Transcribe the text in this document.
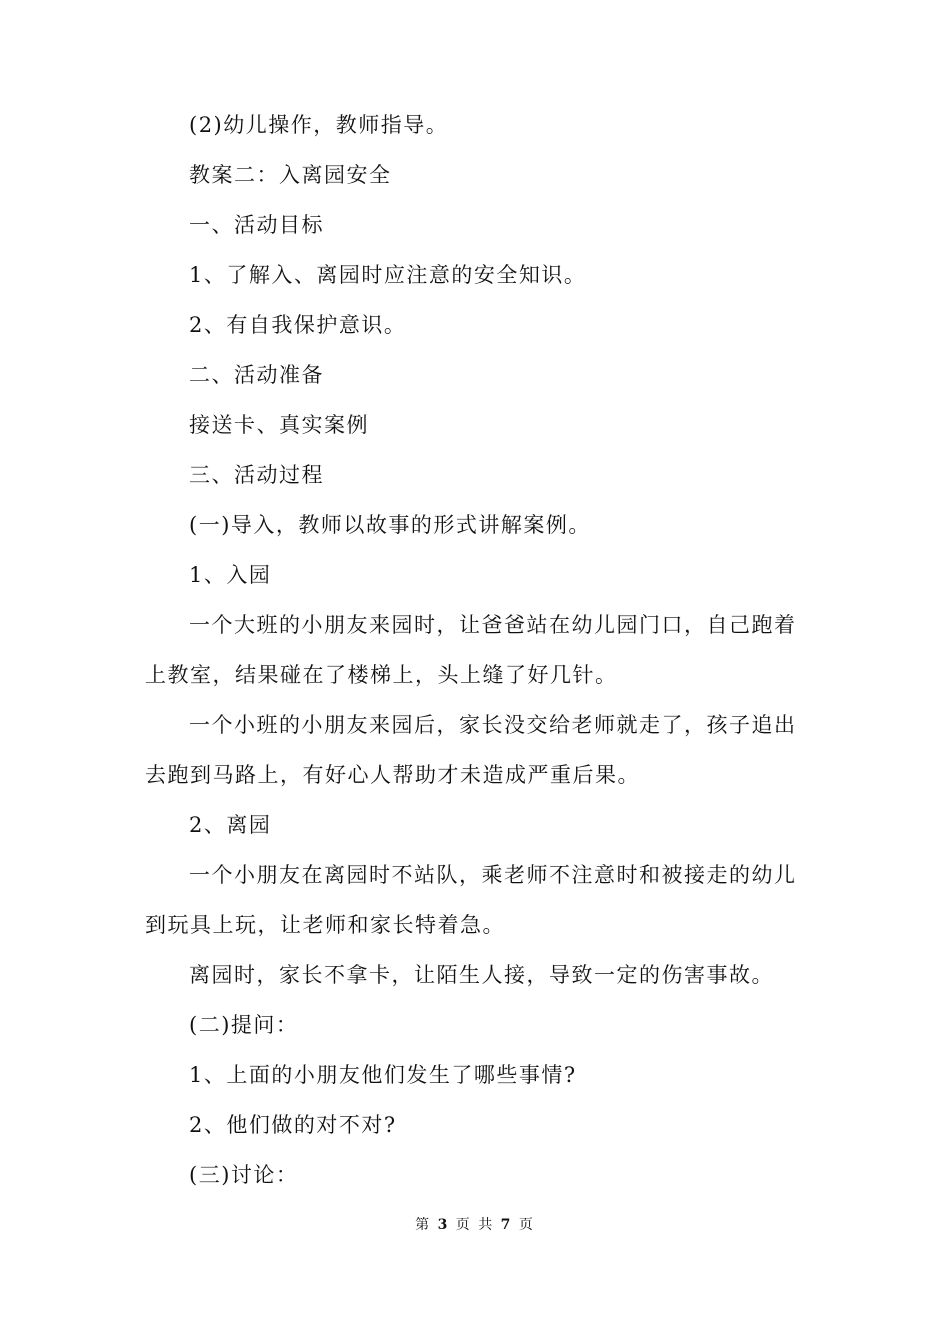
(2)幼儿操作，教师指导。

教案二：入离园安全

一、活动目标

1、了解入、离园时应注意的安全知识。

2、有自我保护意识。

二、活动准备

接送卡、真实案例

三、活动过程

(一)导入，教师以故事的形式讲解案例。

1、入园

一个大班的小朋友来园时，让爸爸站在幼儿园门口，自己跑着上教室，结果碰在了楼梯上，头上缝了好几针。

一个小班的小朋友来园后，家长没交给老师就走了，孩子追出去跑到马路上，有好心人帮助才未造成严重后果。

2、离园

一个小朋友在离园时不站队，乘老师不注意时和被接走的幼儿到玩具上玩，让老师和家长特着急。

离园时，家长不拿卡，让陌生人接，导致一定的伤害事故。

(二)提问：

1、上面的小朋友他们发生了哪些事情?

2、他们做的对不对?

(三)讨论：

第 3 页 共 7 页
